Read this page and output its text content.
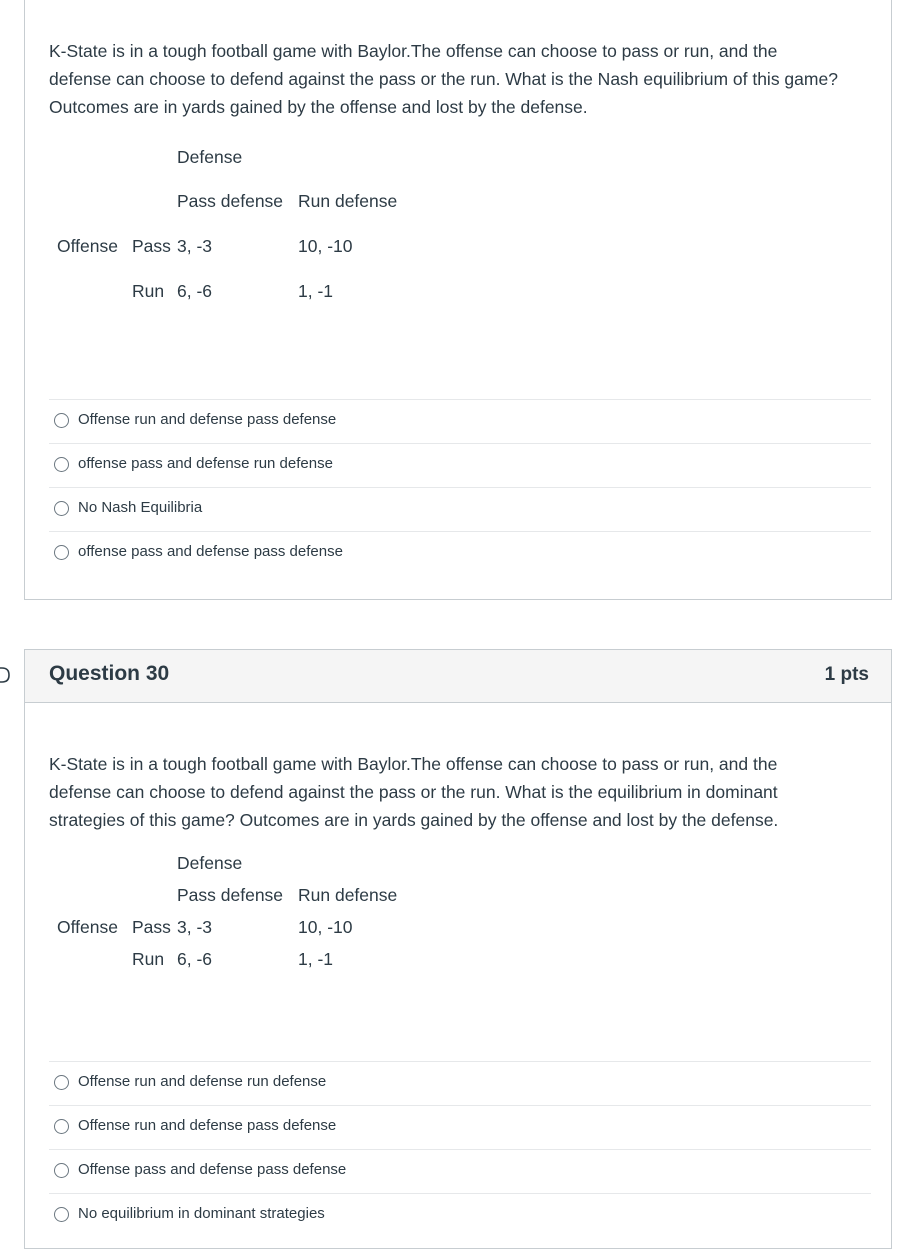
K-State is in a tough football game with Baylor.The offense can choose to pass or run, and the defense can choose to defend against the pass or the run. What is the Nash equilibrium of this game? Outcomes are in yards gained by the offense and lost by the defense.
Defense
Pass defense Run defense
Offense Pass 3, -3	10, -10
Run 6, -6	1, -1
Offense run and defense pass defense
offense pass and defense run defense
No Nash Equilibria
offense pass and defense pass defense
Question 30	1 pts
K-State is in a tough football game with Baylor.The offense can choose to pass or run, and the defense can choose to defend against the pass or the run. What is the equilibrium in dominant strategies of this game? Outcomes are in yards gained by the offense and lost by the defense.
Defense
Pass defense Run defense
Offense Pass 3, -3	10, -10
Run 6, -6	1, -1
Offense run and defense run defense
Offense run and defense pass defense
Offense pass and defense pass defense
No equilibrium in dominant strategies
